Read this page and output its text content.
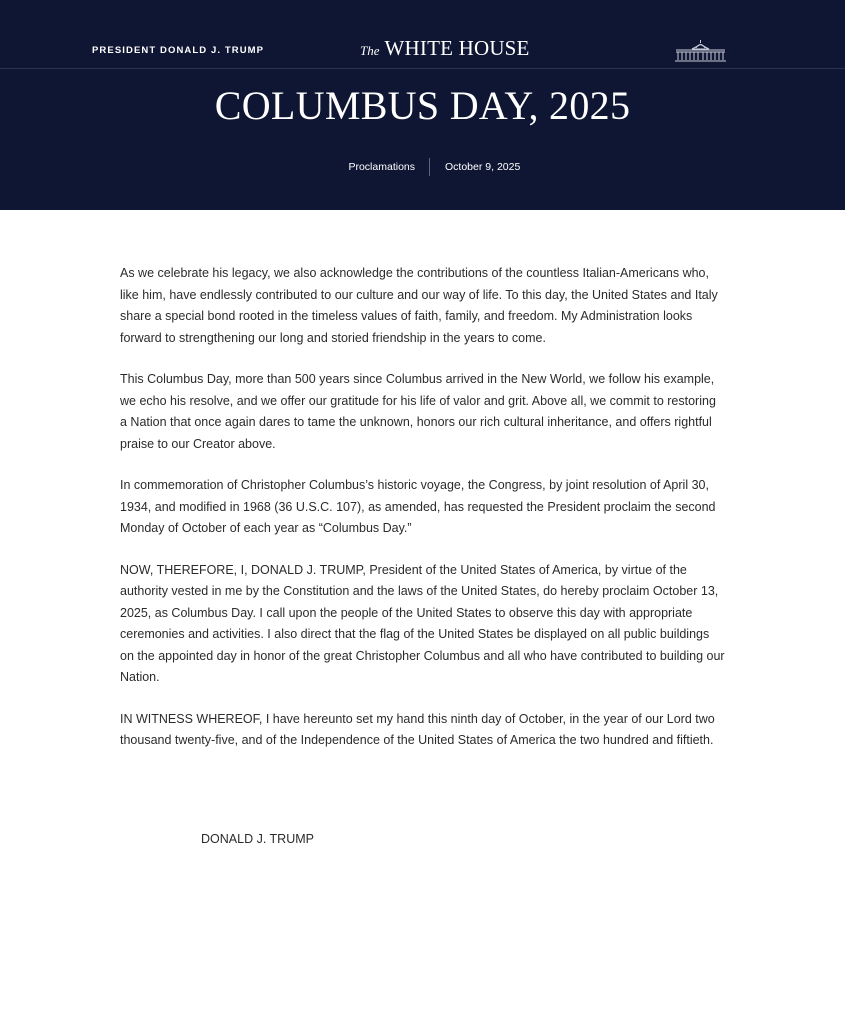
PRESIDENT DONALD J. TRUMP	The WHITE HOUSE
COLUMBUS DAY, 2025
Proclamations	October 9, 2025

As we celebrate his legacy, we also acknowledge the contributions of the countless Italian-Americans who, like him, have endlessly contributed to our culture and our way of life. To this day, the United States and Italy share a special bond rooted in the timeless values of faith, family, and freedom. My Administration looks forward to strengthening our long and storied friendship in the years to come.

This Columbus Day, more than 500 years since Columbus arrived in the New World, we follow his example, we echo his resolve, and we offer our gratitude for his life of valor and grit. Above all, we commit to restoring a Nation that once again dares to tame the unknown, honors our rich cultural inheritance, and offers rightful praise to our Creator above.

In commemoration of Christopher Columbus’s historic voyage, the Congress, by joint resolution of April 30, 1934, and modified in 1968 (36 U.S.C. 107), as amended, has requested the President proclaim the second Monday of October of each year as “Columbus Day.”

NOW, THEREFORE, I, DONALD J. TRUMP, President of the United States of America, by virtue of the authority vested in me by the Constitution and the laws of the United States, do hereby proclaim October 13, 2025, as Columbus Day. I call upon the people of the United States to observe this day with appropriate ceremonies and activities. I also direct that the flag of the United States be displayed on all public buildings on the appointed day in honor of the great Christopher Columbus and all who have contributed to building our Nation.

IN WITNESS WHEREOF, I have hereunto set my hand this ninth day of October, in the year of our Lord two thousand twenty-five, and of the Independence of the United States of America the two hundred and fiftieth.

DONALD J. TRUMP
